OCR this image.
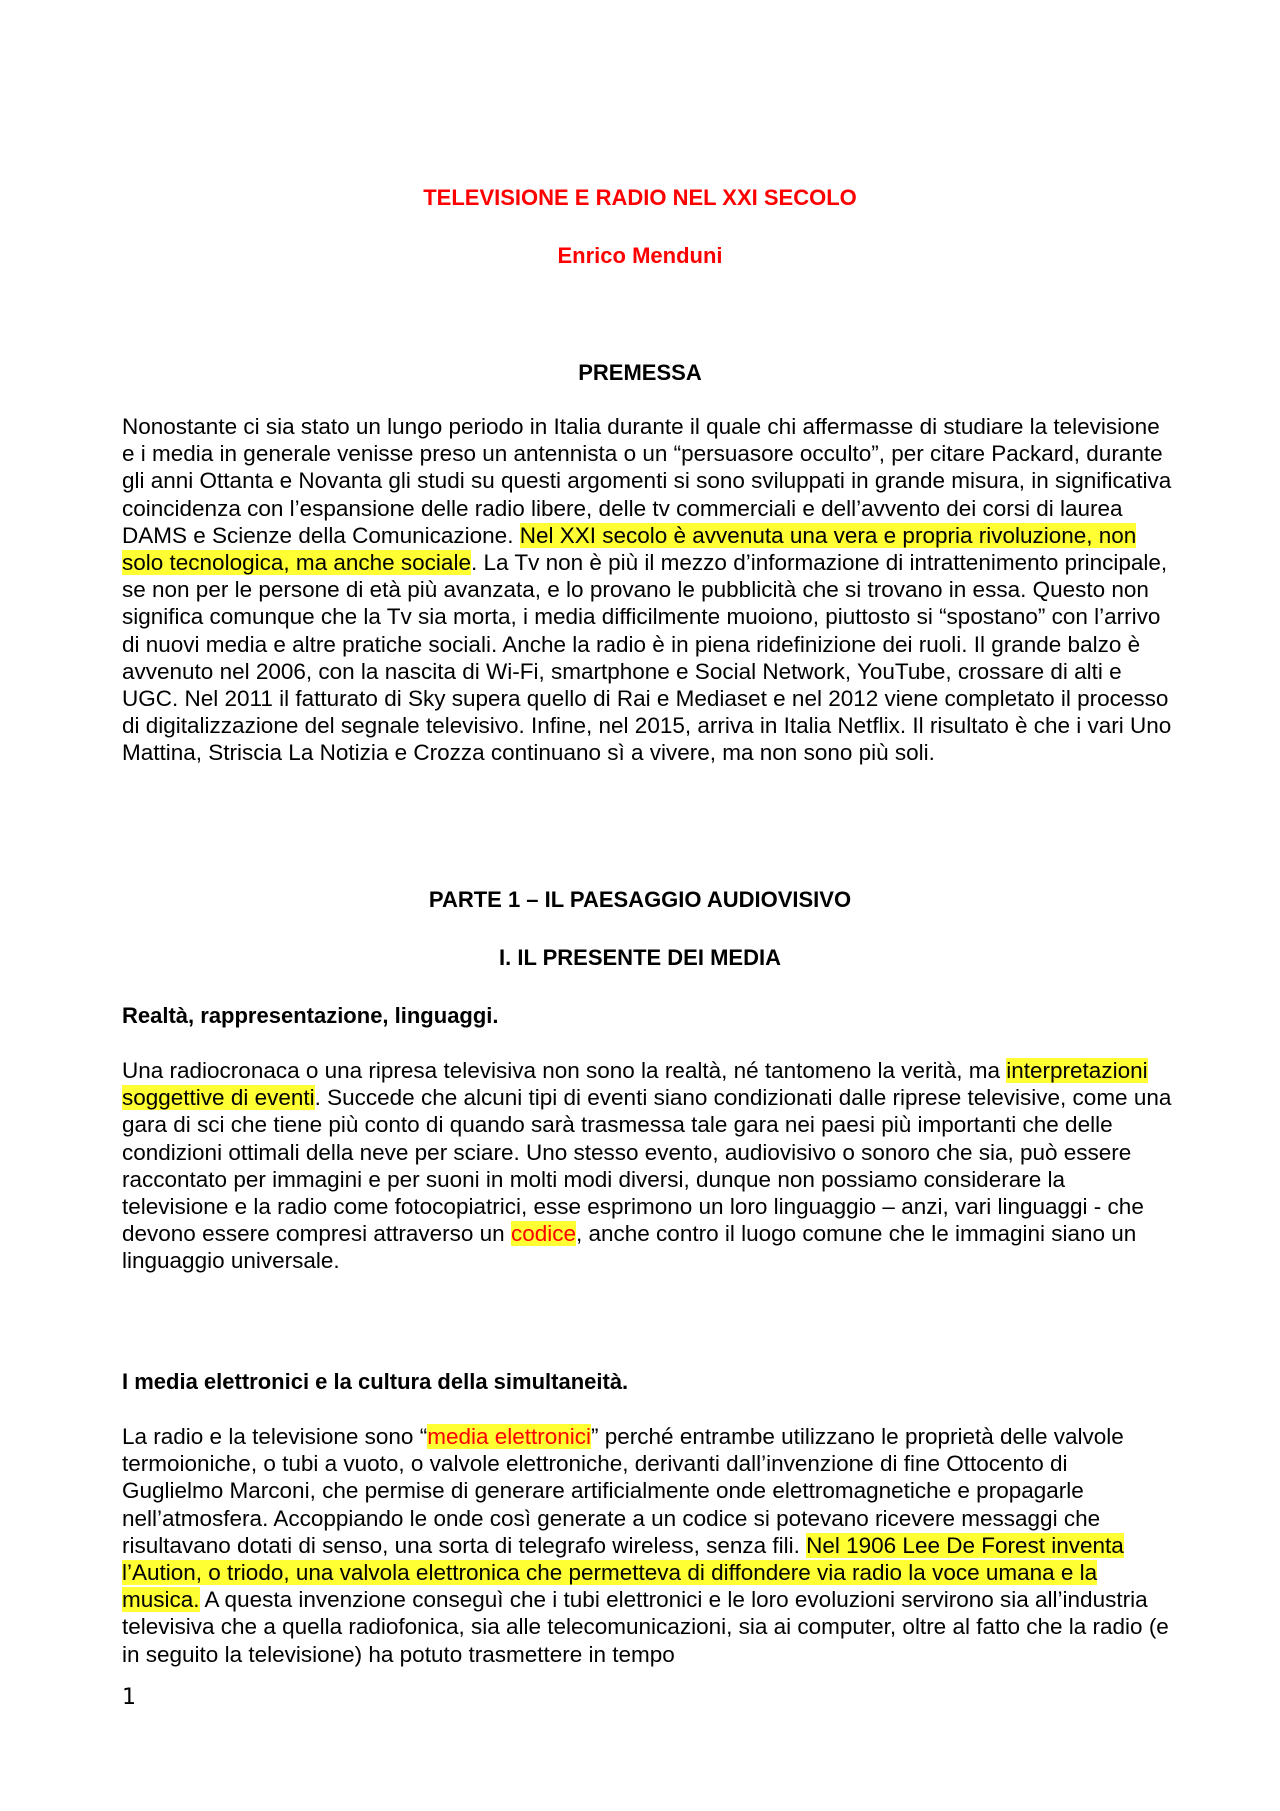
TELEVISIONE E RADIO NEL XXI SECOLO
Enrico Menduni
PREMESSA

Nonostante ci sia stato un lungo periodo in Italia durante il quale chi affermasse di studiare la televisione e i media in generale venisse preso un antennista o un “persuasore occulto”, per citare Packard, durante gli anni Ottanta e Novanta gli studi su questi argomenti si sono sviluppati in grande misura, in significativa coincidenza con l’espansione delle radio libere, delle tv commerciali e dell’avvento dei corsi di laurea DAMS e Scienze della Comunicazione. Nel XXI secolo è avvenuta una vera e propria rivoluzione, non solo tecnologica, ma anche sociale. La Tv non è più il mezzo d’informazione di intrattenimento principale, se non per le persone di età più avanzata, e lo provano le pubblicità che si trovano in essa. Questo non significa comunque che la Tv sia morta, i media difficilmente muoiono, piuttosto si “spostano” con l’arrivo di nuovi media e altre pratiche sociali. Anche la radio è in piena ridefinizione dei ruoli. Il grande balzo è avvenuto nel 2006, con la nascita di Wi-Fi, smartphone e Social Network, YouTube, crossare di alti e UGC. Nel 2011 il fatturato di Sky supera quello di Rai e Mediaset e nel 2012 viene completato il processo di digitalizzazione del segnale televisivo. Infine, nel 2015, arriva in Italia Netflix. Il risultato è che i vari Uno Mattina, Striscia La Notizia e Crozza continuano sì a vivere, ma non sono più soli.

PARTE 1 – IL PAESAGGIO AUDIOVISIVO
I. IL PRESENTE DEI MEDIA
Realtà, rappresentazione, linguaggi.

Una radiocronaca o una ripresa televisiva non sono la realtà, né tantomeno la verità, ma interpretazioni soggettive di eventi. Succede che alcuni tipi di eventi siano condizionati dalle riprese televisive, come una gara di sci che tiene più conto di quando sarà trasmessa tale gara nei paesi più importanti che delle condizioni ottimali della neve per sciare. Uno stesso evento, audiovisivo o sonoro che sia, può essere raccontato per immagini e per suoni in molti modi diversi, dunque non possiamo considerare la televisione e la radio come fotocopiatrici, esse esprimono un loro linguaggio – anzi, vari linguaggi - che devono essere compresi attraverso un codice, anche contro il luogo comune che le immagini siano un linguaggio universale.

I media elettronici e la cultura della simultaneità.

La radio e la televisione sono “media elettronici” perché entrambe utilizzano le proprietà delle valvole termoioniche, o tubi a vuoto, o valvole elettroniche, derivanti dall’invenzione di fine Ottocento di Guglielmo Marconi, che permise di generare artificialmente onde elettromagnetiche e propagarle nell’atmosfera. Accoppiando le onde così generate a un codice si potevano ricevere messaggi che risultavano dotati di senso, una sorta di telegrafo wireless, senza fili. Nel 1906 Lee De Forest inventa l’Aution, o triodo, una valvola elettronica che permetteva di diffondere via radio la voce umana e la musica. A questa invenzione conseguì che i tubi elettronici e le loro evoluzioni servirono sia all’industria televisiva che a quella radiofonica, sia alle telecomunicazioni, sia ai computer, oltre al fatto che la radio (e in seguito la televisione) ha potuto trasmettere in tempo

1
